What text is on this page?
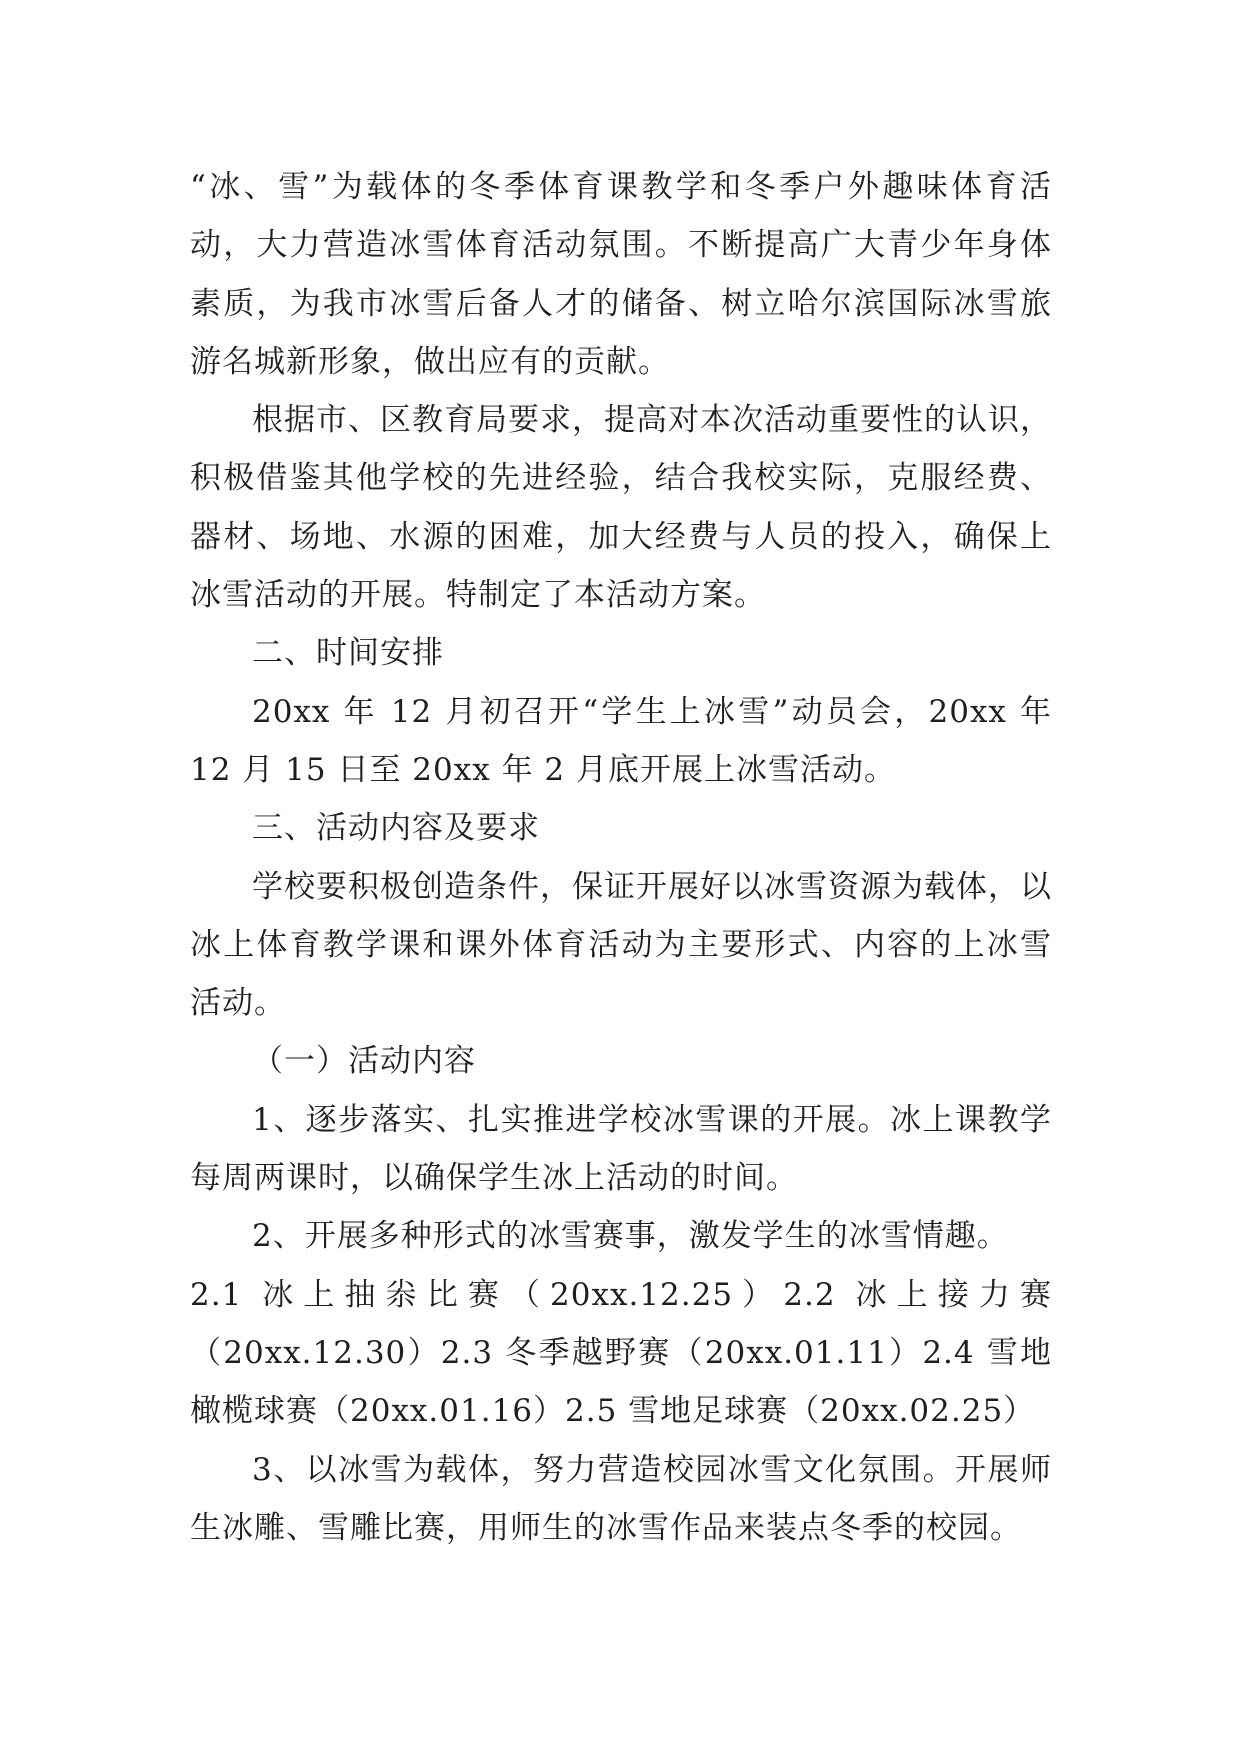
“冰、雪”为载体的冬季体育课教学和冬季户外趣味体育活动，大力营造冰雪体育活动氛围。不断提高广大青少年身体素质，为我市冰雪后备人才的储备、树立哈尔滨国际冰雪旅游名城新形象，做出应有的贡献。

根据市、区教育局要求，提高对本次活动重要性的认识，积极借鉴其他学校的先进经验，结合我校实际，克服经费、器材、场地、水源的困难，加大经费与人员的投入，确保上冰雪活动的开展。特制定了本活动方案。

二、时间安排

20xx 年 12 月初召开“学生上冰雪”动员会，20xx 年 12 月 15 日至 20xx 年 2 月底开展上冰雪活动。

三、活动内容及要求

学校要积极创造条件，保证开展好以冰雪资源为载体，以冰上体育教学课和课外体育活动为主要形式、内容的上冰雪活动。

（一）活动内容

1、逐步落实、扎实推进学校冰雪课的开展。冰上课教学每周两课时，以确保学生冰上活动的时间。

2、开展多种形式的冰雪赛事，激发学生的冰雪情趣。

2.1 冰上抽尜比赛（20xx.12.25）2.2 冰上接力赛（20xx.12.30）2.3 冬季越野赛（20xx.01.11）2.4 雪地橄榄球赛（20xx.01.16）2.5 雪地足球赛（20xx.02.25）

3、以冰雪为载体，努力营造校园冰雪文化氛围。开展师生冰雕、雪雕比赛，用师生的冰雪作品来装点冬季的校园。
